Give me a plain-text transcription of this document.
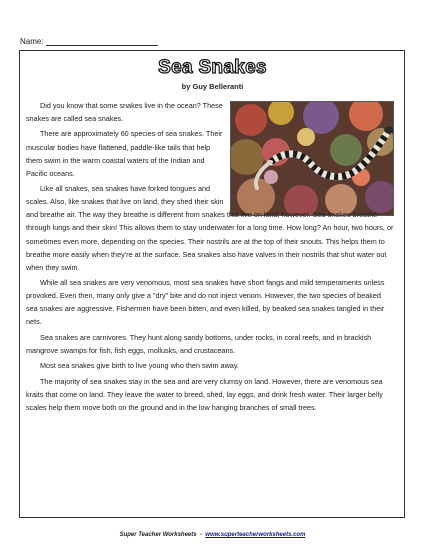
Name:
Sea Snakes
by Guy Belleranti

Did you know that some snakes live in the ocean? These snakes are called sea snakes.

There are approximately 60 species of sea snakes. Their muscular bodies have flattened, paddle-like tails that help them swim in the warm coastal waters of the Indian and Pacific oceans.

Like all snakes, sea snakes have forked tongues and scales. Also, like snakes that live on land, they shed their skin and breathe air. The way they breathe is different from snakes that live on land, however. Sea snakes breathe through lungs and their skin! This allows them to stay underwater for a long time. How long? An hour, two hours, or sometimes even more, depending on the species. Their nostrils are at the top of their snouts. This helps them to breathe more easily when they're at the surface. Sea snakes also have valves in their nostrils that shut water out when they swim.

While all sea snakes are very venomous, most sea snakes have short fangs and mild temperaments unless provoked. Even then, many only give a "dry" bite and do not inject venom. However, the two species of beaked sea snakes are aggressive. Fishermen have been bitten, and even killed, by beaked sea snakes tangled in their nets.

Sea snakes are carnivores. They hunt along sandy bottoms, under rocks, in coral reefs, and in brackish mangrove swamps for fish, fish eggs, mollusks, and crustaceans.

Most sea snakes give birth to live young who then swim away.

The majority of sea snakes stay in the sea and are very clumsy on land. However, there are venomous sea kraits that come on land. They leave the water to breed, shed, lay eggs, and drink fresh water. Their larger belly scales help them move both on the ground and in the low hanging branches of small trees.

Super Teacher Worksheets - www.superteacherworksheets.com
